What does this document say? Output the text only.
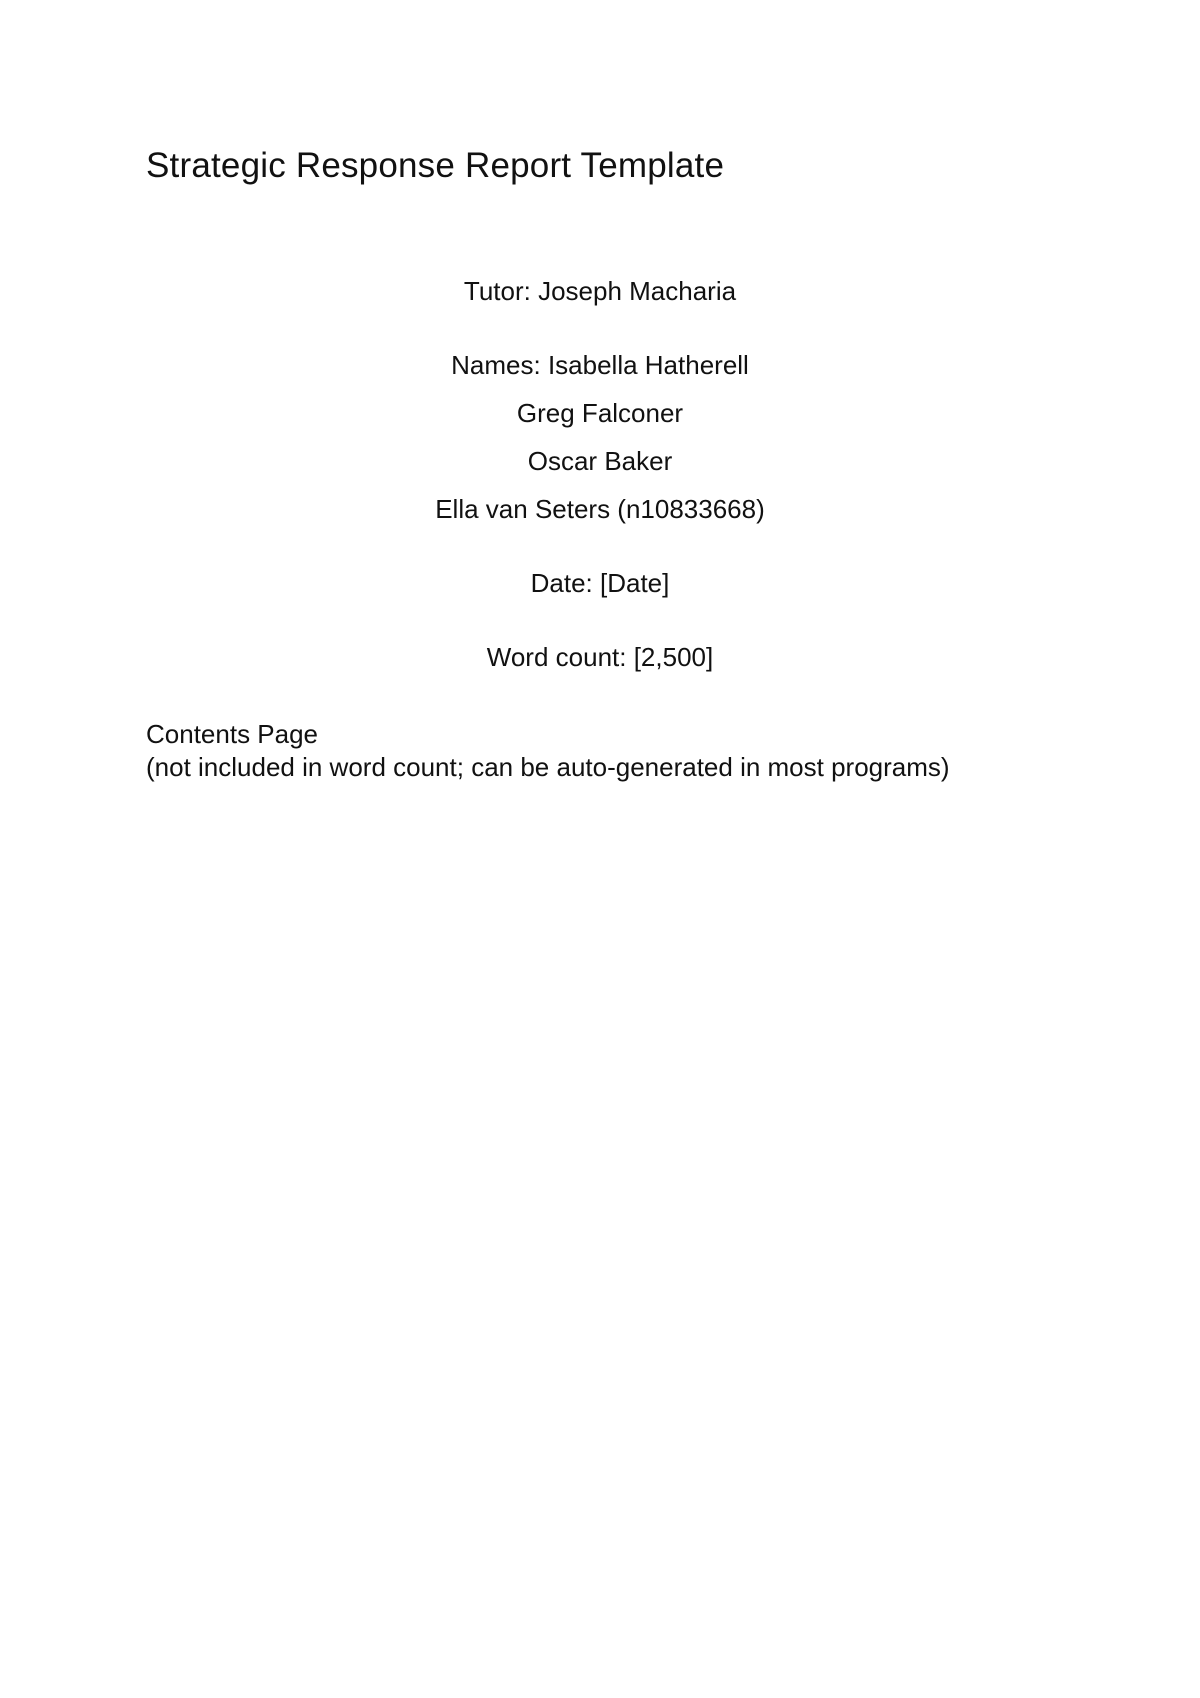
Strategic Response Report Template
Tutor: Joseph Macharia
Names: Isabella Hatherell
Greg Falconer
Oscar Baker
Ella van Seters (n10833668)
Date: [Date]
Word count: [2,500]
Contents Page
(not included in word count; can be auto-generated in most programs)
